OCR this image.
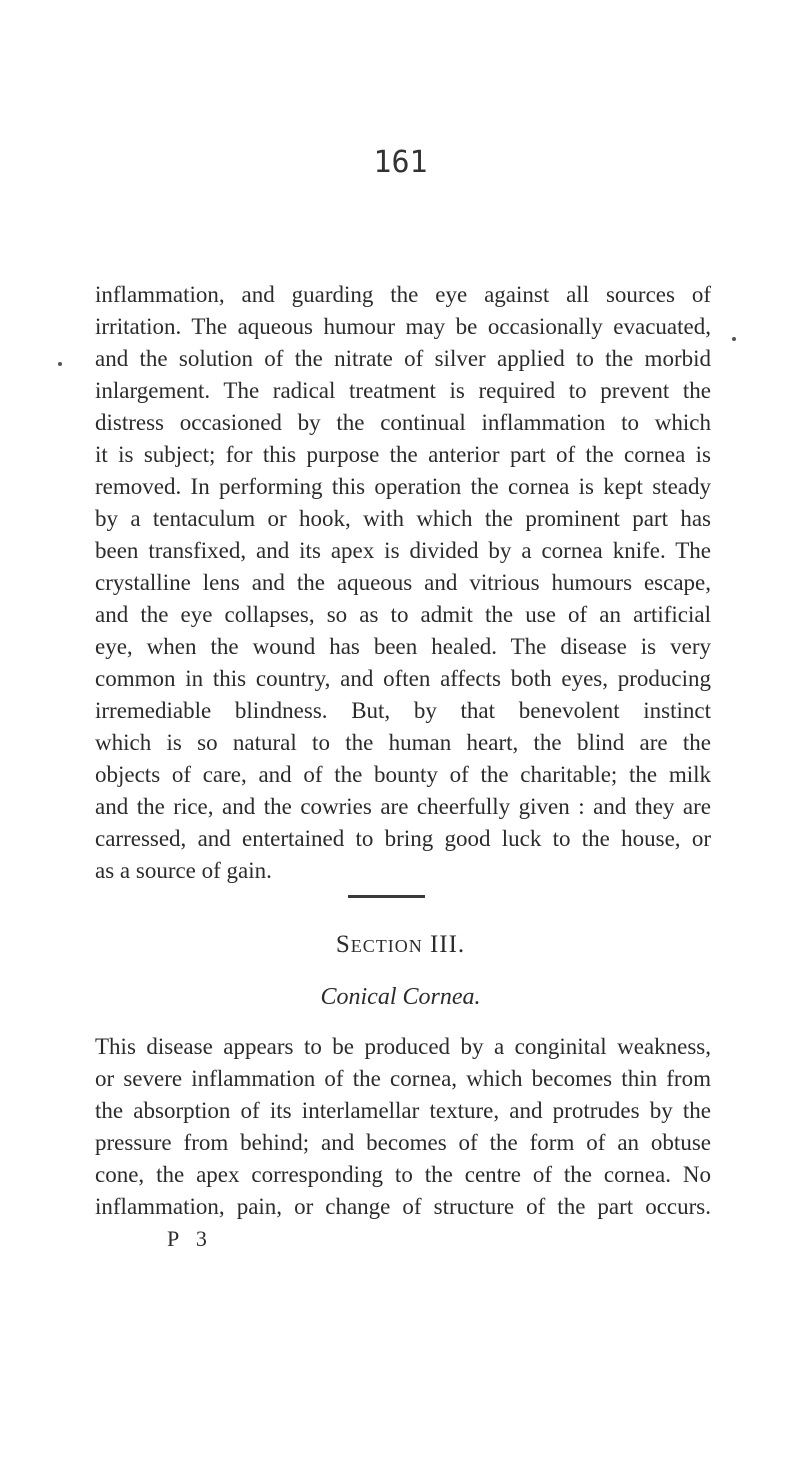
161
inflammation, and guarding the eye against all sources of
irritation. The aqueous humour may be occasionally evacuated,
and the solution of the nitrate of silver applied to the morbid
inlargement. The radical treatment is required to prevent the
distress occasioned by the continual inflammation to which
it is subject; for this purpose the anterior part of the cornea is
removed. In performing this operation the cornea is kept steady
by a tentaculum or hook, with which the prominent part has
been transfixed, and its apex is divided by a cornea knife. The
crystalline lens and the aqueous and vitrious humours escape,
and the eye collapses, so as to admit the use of an artificial
eye, when the wound has been healed. The disease is very
common in this country, and often affects both eyes, producing
irremediable blindness. But, by that benevolent instinct
which is so natural to the human heart, the blind are the
objects of care, and of the bounty of the charitable; the milk
and the rice, and the cowries are cheerfully given : and they are
carressed, and entertained to bring good luck to the house, or
as a source of gain.
Section III.
Conical Cornea.
This disease appears to be produced by a conginital weakness,
or severe inflammation of the cornea, which becomes thin from
the absorption of its interlamellar texture, and protrudes by the
pressure from behind; and becomes of the form of an obtuse
cone, the apex corresponding to the centre of the cornea. No
inflammation, pain, or change of structure of the part occurs.
P 3
